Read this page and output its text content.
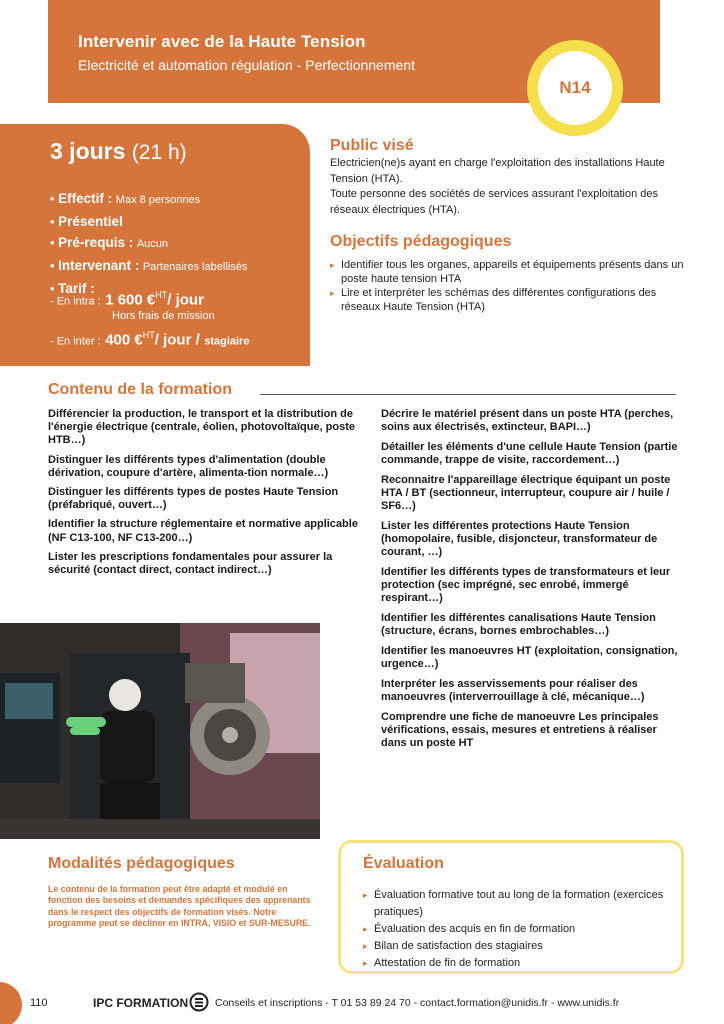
Intervenir avec de la Haute Tension
Electricité et automation régulation - Perfectionnement
N14
3 jours (21 h)
• Effectif : Max 8 personnes
• Présentiel
• Pré-requis : Aucun
• Intervenant : Partenaires labellisés
• Tarif :
- En intra : 1 600 €$^{HT}$/ jour
Hors frais de mission
- En inter : 400 €$^{HT}$/ jour / stagiaire
Public visé
Electricien(ne)s ayant en charge l'exploitation des installations Haute Tension (HTA).
Toute personne des sociétés de services assurant l'exploitation des réseaux électriques (HTA).
Objectifs pédagogiques
▸ Identifier tous les organes, appareils et équipements présents dans un poste haute tension HTA
▸ Lire et interpréter les schémas des différentes configurations des réseaux Haute Tension (HTA)
Contenu de la formation
Différencier la production, le transport et la distribution de l'énergie électrique (centrale, éolien, photovoltaïque, poste HTB…)
Distinguer les différents types d'alimentation (double dérivation, coupure d'artère, alimenta-tion normale…)
Distinguer les différents types de postes Haute Tension (préfabriqué, ouvert…)
Identifier la structure réglementaire et normative applicable (NF C13-100, NF C13-200…)
Lister les prescriptions fondamentales pour assurer la sécurité (contact direct, contact indirect…)
Décrire le matériel présent dans un poste HTA (perches, soins aux électrisés, extincteur, BAPI…)
Détailler les éléments d'une cellule Haute Tension (partie commande, trappe de visite, raccordement…)
Reconnaitre l'appareillage électrique équipant un poste HTA / BT (sectionneur, interrupteur, coupure air / huile / SF6…)
Lister les différentes protections Haute Tension (homopolaire, fusible, disjoncteur, transformateur de courant, …)
Identifier les différents types de transformateurs et leur protection (sec imprégné, sec enrobé, immergé respirant…)
Identifier les différentes canalisations Haute Tension (structure, écrans, bornes embrochables…)
Identifier les manoeuvres HT (exploitation, consignation, urgence…)
Interpréter les asservissements pour réaliser des manoeuvres (interverrouillage à clé, mécanique…)
Comprendre une fiche de manoeuvre Les principales vérifications, essais, mesures et entretiens à réaliser dans un poste HT
Modalités pédagogiques
Le contenu de la formation peut être adapté et modulé en fonction des besoins et demandes spécifiques des apprenants dans le respect des objectifs de formation visés. Notre programme peut se décliner en INTRA, VISIO et SUR-MESURE.
Évaluation
▸ Évaluation formative tout au long de la formation (exercices pratiques)
▸ Évaluation des acquis en fin de formation
▸ Bilan de satisfaction des stagiaires
▸ Attestation de fin de formation
110	IPC FORMATION	Conseils et inscriptions - T 01 53 89 24 70 - contact.formation@unidis.fr - www.unidis.fr
